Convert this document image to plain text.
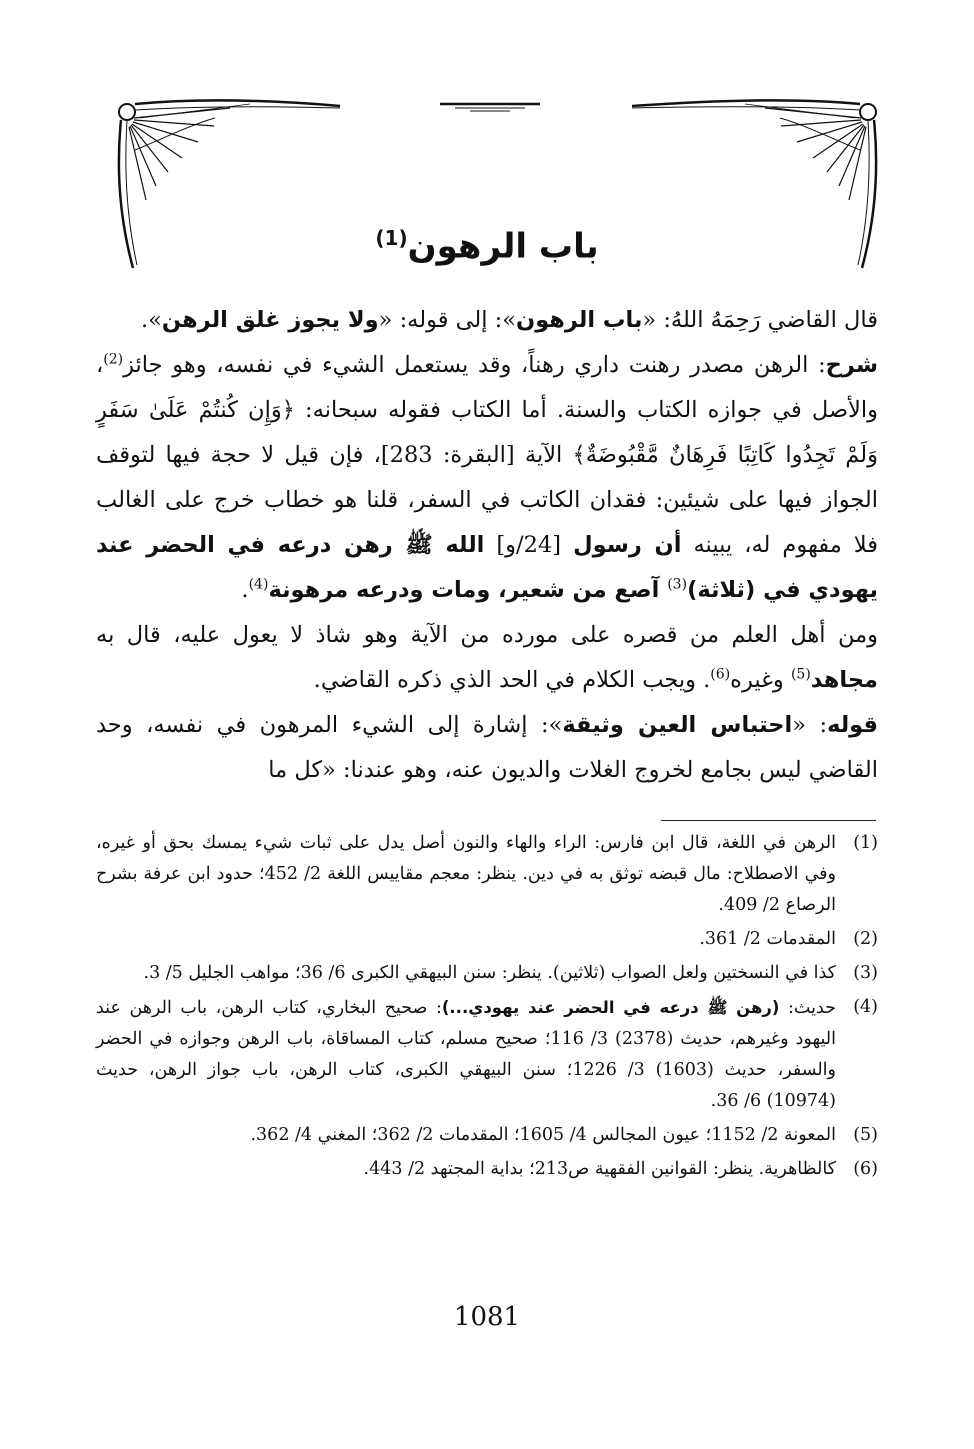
باب الرهون$^{(1)}$

قال القاضي رَحِمَهُ اللهُ: «باب الرهون»: إلى قوله: «ولا يجوز غلق الرهن».

شرح: الرهن مصدر رهنت داري رهناً، وقد يستعمل الشيء في نفسه، وهو جائز$^{(2)}$، والأصل في جوازه الكتاب والسنة. أما الكتاب فقوله سبحانه: ﴿وَإِن كُنتُمْ عَلَىٰ سَفَرٍ وَلَمْ تَجِدُوا كَاتِبًا فَرِهَانٌ مَّقْبُوضَةٌ﴾ الآية [البقرة: 283]، فإن قيل لا حجة فيها لتوقف الجواز فيها على شيئين: فقدان الكاتب في السفر، قلنا هو خطاب خرج على الغالب فلا مفهوم له، يبينه أن رسول [24/و] الله ﷺ رهن درعه في الحضر عند يهودي في (ثلاثة)$^{(3)}$ آصع من شعير، ومات ودرعه مرهونة$^{(4)}$.

ومن أهل العلم من قصره على مورده من الآية وهو شاذ لا يعول عليه، قال به مجاهد$^{(5)}$ وغيره$^{(6)}$. ويجب الكلام في الحد الذي ذكره القاضي.

قوله: «احتباس العين وثيقة»: إشارة إلى الشيء المرهون في نفسه، وحد القاضي ليس بجامع لخروج الغلات والديون عنه، وهو عندنا: «كل ما

(1)
الرهن في اللغة، قال ابن فارس: الراء والهاء والنون أصل يدل على ثبات شيء يمسك بحق أو غيره، وفي الاصطلاح: مال قبضه توثق به في دين. ينظر: معجم مقاييس اللغة 2/ 452؛ حدود ابن عرفة بشرح الرصاع 2/ 409.
(2)
المقدمات 2/ 361.
(3)
كذا في النسختين ولعل الصواب (ثلاثين). ينظر: سنن البيهقي الكبرى 6/ 36؛ مواهب الجليل 5/ 3.
(4)
حديث: (رهن ﷺ درعه في الحضر عند يهودي...): صحيح البخاري، كتاب الرهن، باب الرهن عند اليهود وغيرهم، حديث (2378) 3/ 116؛ صحيح مسلم، كتاب المساقاة، باب الرهن وجوازه في الحضر والسفر، حديث (1603) 3/ 1226؛ سنن البيهقي الكبرى، كتاب الرهن، باب جواز الرهن، حديث (10974) 6/ 36.
(5)
المعونة 2/ 1152؛ عيون المجالس 4/ 1605؛ المقدمات 2/ 362؛ المغني 4/ 362.
(6)
كالظاهرية. ينظر: القوانين الفقهية ص213؛ بداية المجتهد 2/ 443.
1081
